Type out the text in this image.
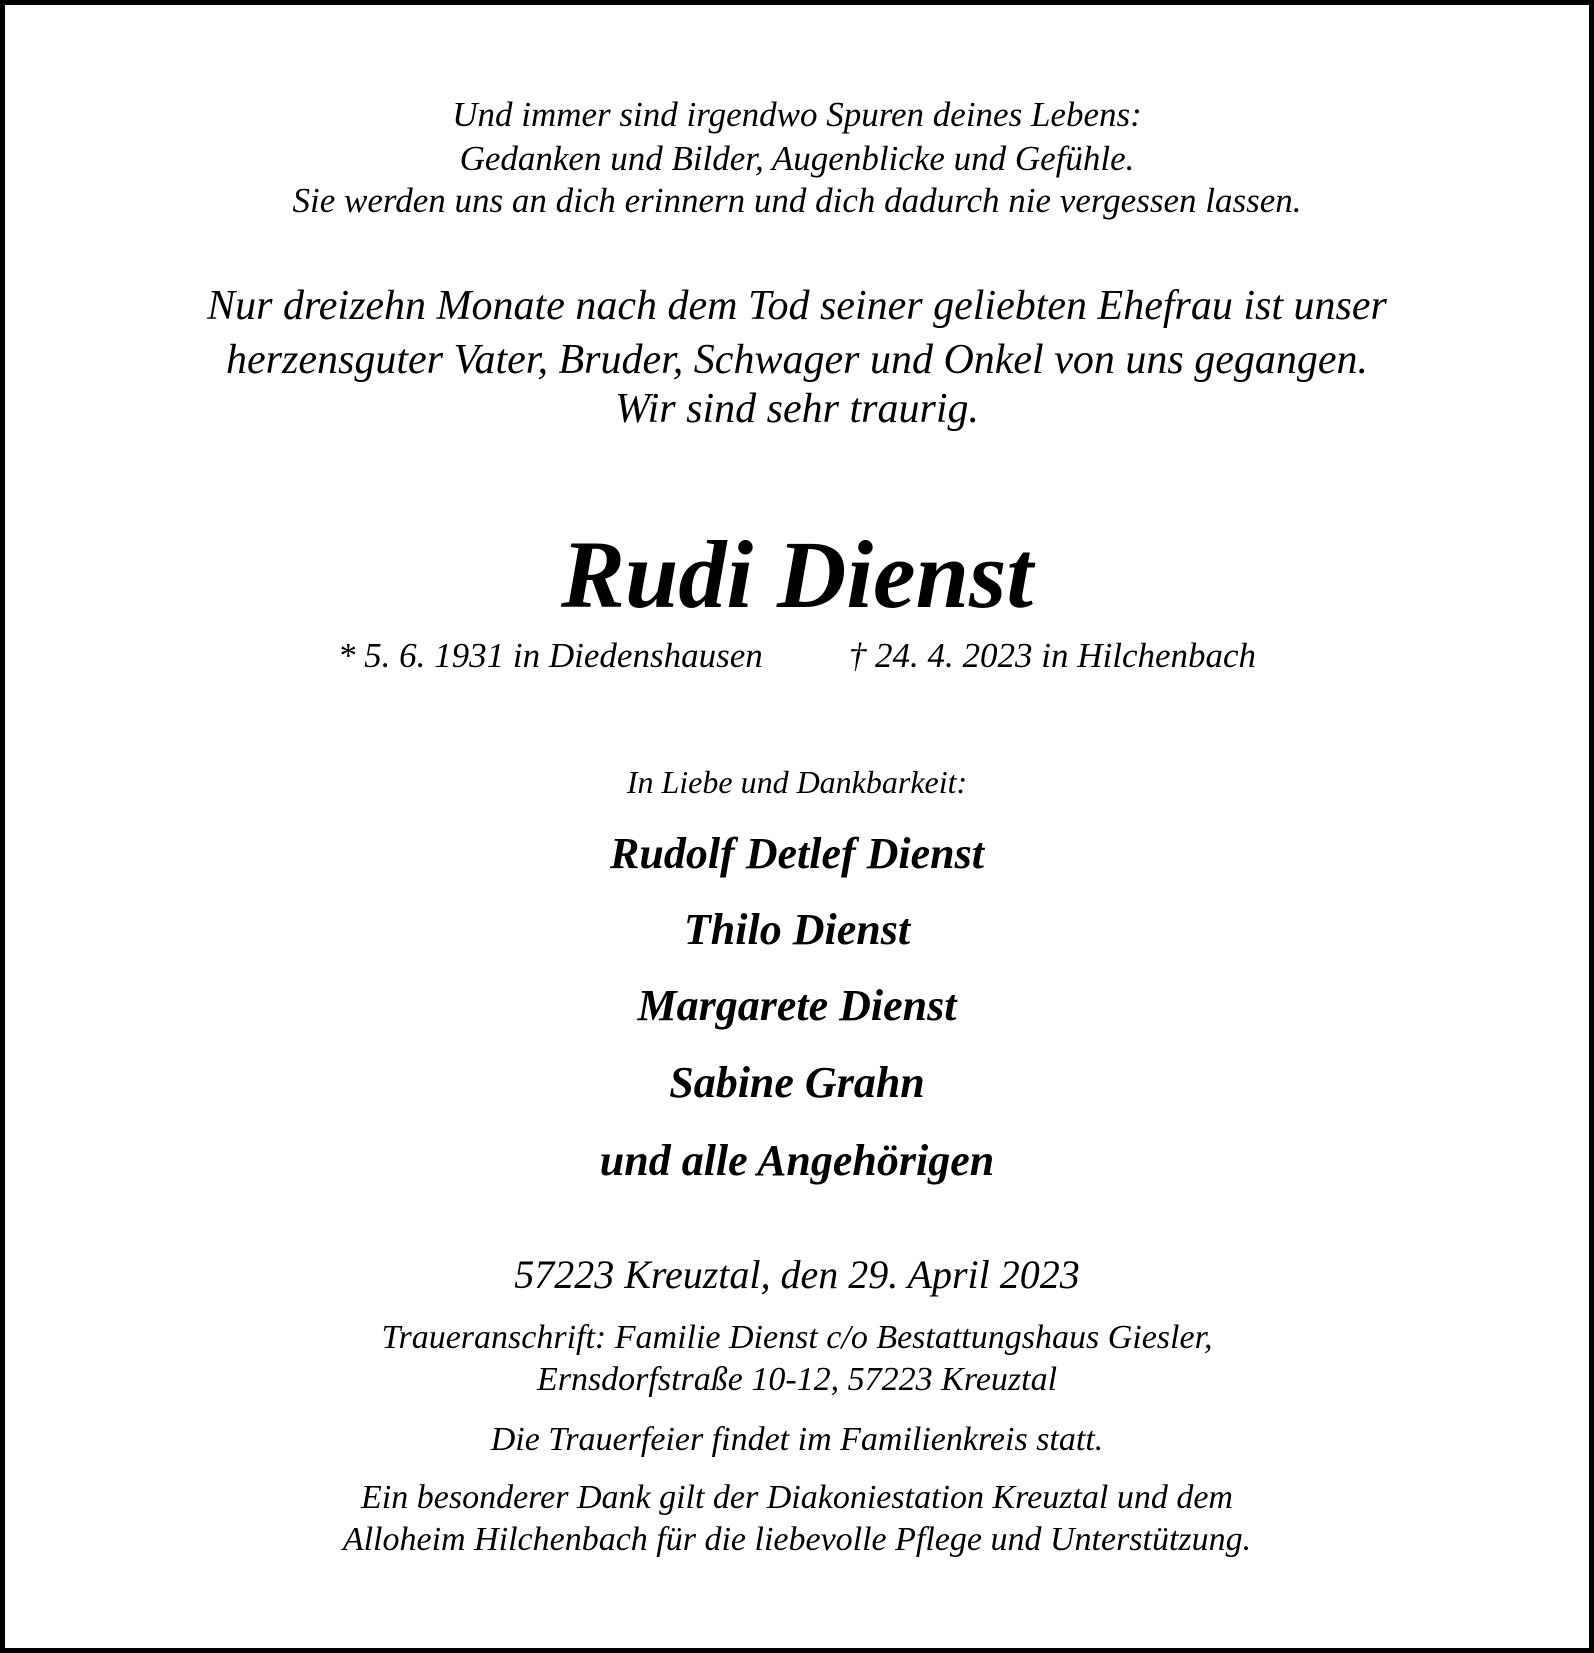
Und immer sind irgendwo Spuren deines Lebens:
Gedanken und Bilder, Augenblicke und Gefühle.
Sie werden uns an dich erinnern und dich dadurch nie vergessen lassen.
Nur dreizehn Monate nach dem Tod seiner geliebten Ehefrau ist unser
herzensguter Vater, Bruder, Schwager und Onkel von uns gegangen.
Wir sind sehr traurig.
Rudi Dienst
* 5. 6. 1931 in Diedenshausen † 24. 4. 2023 in Hilchenbach
In Liebe und Dankbarkeit:
Rudolf Detlef Dienst
Thilo Dienst
Margarete Dienst
Sabine Grahn
und alle Angehörigen
57223 Kreuztal, den 29. April 2023
Traueranschrift: Familie Dienst c/o Bestattungshaus Giesler,
Ernsdorfstraße 10-12, 57223 Kreuztal
Die Trauerfeier findet im Familienkreis statt.
Ein besonderer Dank gilt der Diakoniestation Kreuztal und dem
Alloheim Hilchenbach für die liebevolle Pflege und Unterstützung.
